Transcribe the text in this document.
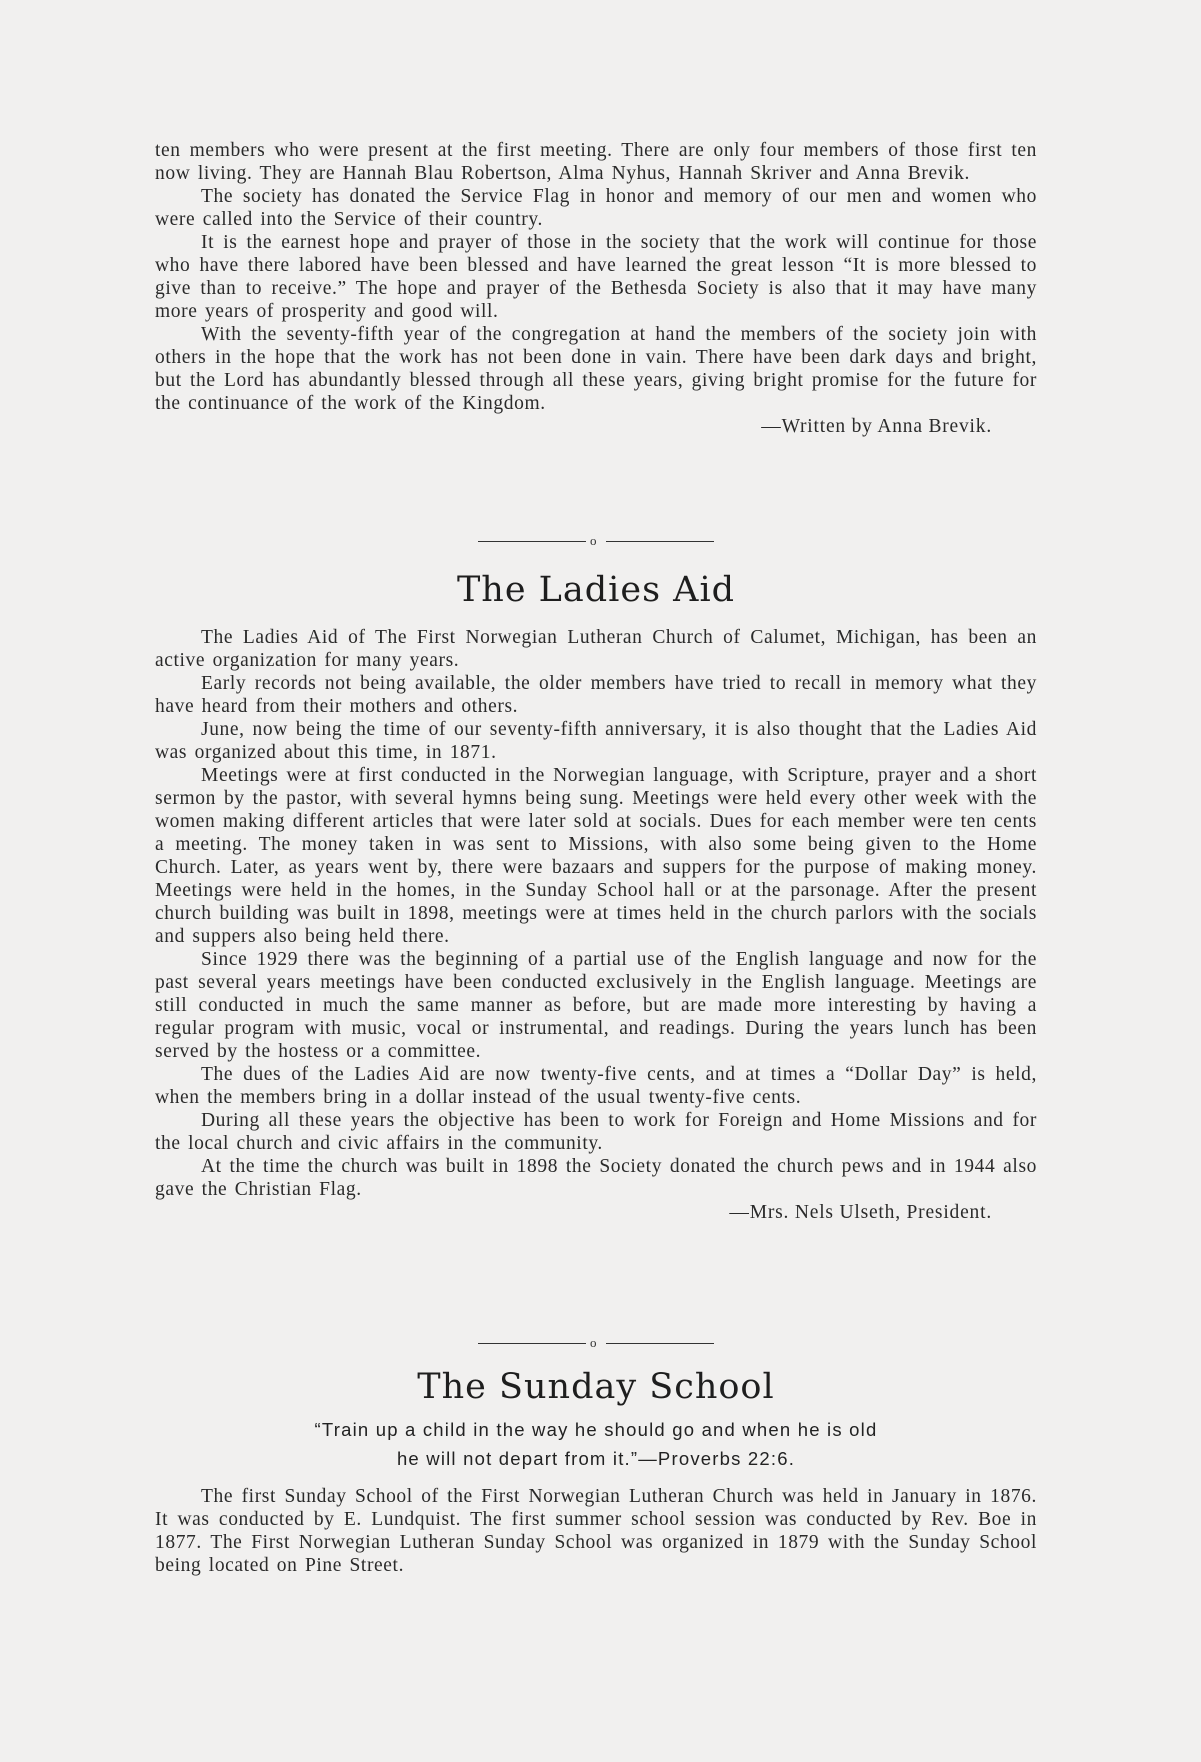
ten members who were present at the first meeting. There are only four members of those first ten now living. They are Hannah Blau Robertson, Alma Nyhus, Hannah Skriver and Anna Brevik.

The society has donated the Service Flag in honor and memory of our men and women who were called into the Service of their country.

It is the earnest hope and prayer of those in the society that the work will continue for those who have there labored have been blessed and have learned the great lesson “It is more blessed to give than to receive.” The hope and prayer of the Bethesda Society is also that it may have many more years of prosperity and good will.

With the seventy-fifth year of the congregation at hand the members of the society join with others in the hope that the work has not been done in vain. There have been dark days and bright, but the Lord has abundantly blessed through all these years, giving bright promise for the future for the continuance of the work of the Kingdom.

—Written by Anna Brevik.

o
The Ladies Aid

The Ladies Aid of The First Norwegian Lutheran Church of Calumet, Michigan, has been an active organization for many years.

Early records not being available, the older members have tried to recall in memory what they have heard from their mothers and others.

June, now being the time of our seventy-fifth anniversary, it is also thought that the Ladies Aid was organized about this time, in 1871.

Meetings were at first conducted in the Norwegian language, with Scripture, prayer and a short sermon by the pastor, with several hymns being sung. Meetings were held every other week with the women making different articles that were later sold at socials. Dues for each member were ten cents a meeting. The money taken in was sent to Missions, with also some being given to the Home Church. Later, as years went by, there were bazaars and suppers for the purpose of making money. Meetings were held in the homes, in the Sunday School hall or at the parsonage. After the present church building was built in 1898, meetings were at times held in the church parlors with the socials and suppers also being held there.

Since 1929 there was the beginning of a partial use of the English language and now for the past several years meetings have been conducted exclusively in the English language. Meetings are still conducted in much the same manner as before, but are made more interesting by having a regular program with music, vocal or instrumental, and readings. During the years lunch has been served by the hostess or a committee.

The dues of the Ladies Aid are now twenty-five cents, and at times a “Dollar Day” is held, when the members bring in a dollar instead of the usual twenty-five cents.

During all these years the objective has been to work for Foreign and Home Missions and for the local church and civic affairs in the community.

At the time the church was built in 1898 the Society donated the church pews and in 1944 also gave the Christian Flag.

—Mrs. Nels Ulseth, President.

o
The Sunday School

“Train up a child in the way he should go and when he is old

he will not depart from it.”—Proverbs 22:6.

The first Sunday School of the First Norwegian Lutheran Church was held in January in 1876. It was conducted by E. Lundquist. The first summer school session was conducted by Rev. Boe in 1877. The First Norwegian Lutheran Sunday School was organized in 1879 with the Sunday School being located on Pine Street.
